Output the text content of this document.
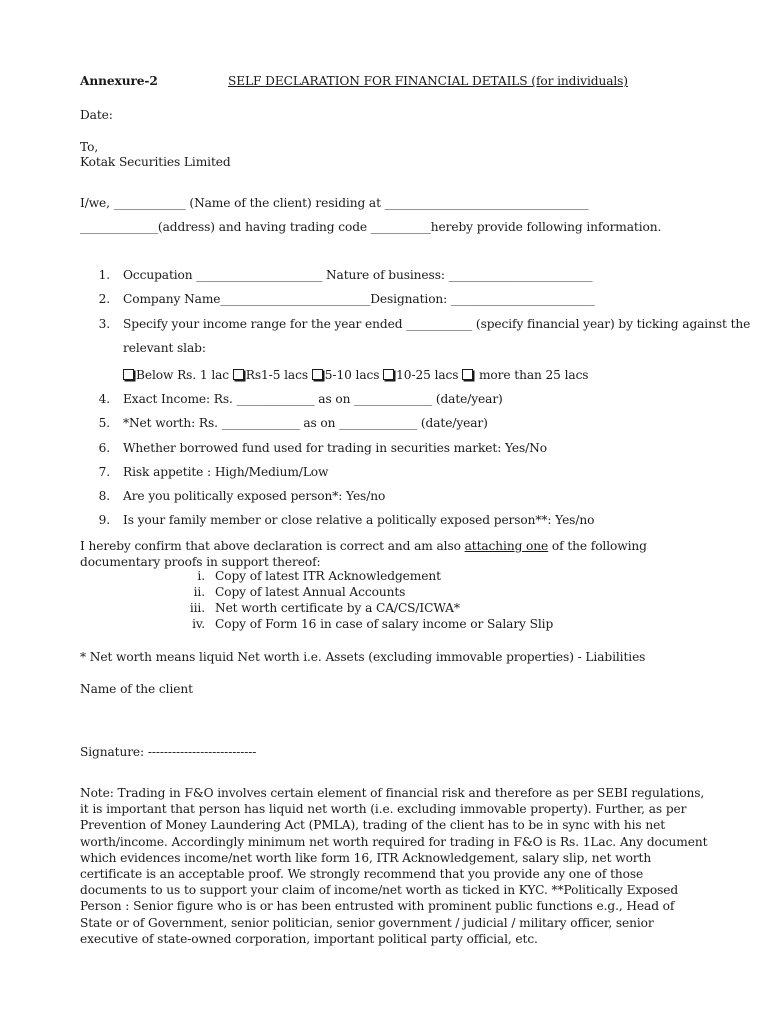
Annexure-2	SELF DECLARATION FOR FINANCIAL DETAILS (for individuals)
Date:
To,
Kotak Securities Limited
I/we, ____________ (Name of the client) residing at __________________________________
_____________(address) and having trading code __________hereby provide following information.
1. Occupation _____________________ Nature of business: ________________________
2. Company Name_________________________Designation: ________________________
3. Specify your income range for the year ended ___________ (specify financial year) by ticking against the
relevant slab:
Below Rs. 1 lac Rs1-5 lacs 5-10 lacs 10-25 lacs  more than 25 lacs
4. Exact Income: Rs. _____________ as on _____________ (date/year)
5. *Net worth: Rs. _____________ as on _____________ (date/year)
6. Whether borrowed fund used for trading in securities market: Yes/No
7. Risk appetite : High/Medium/Low
8. Are you politically exposed person*: Yes/no
9. Is your family member or close relative a politically exposed person**: Yes/no
I hereby confirm that above declaration is correct and am also attaching one of the following documentary proofs in support thereof:
i. Copy of latest ITR Acknowledgement
ii. Copy of latest Annual Accounts
iii. Net worth certificate by a CA/CS/ICWA*
iv. Copy of Form 16 in case of salary income or Salary Slip
* Net worth means liquid Net worth i.e. Assets (excluding immovable properties) - Liabilities
Name of the client
Signature: ---------------------------
Note: Trading in F&O involves certain element of financial risk and therefore as per SEBI regulations, it is important that person has liquid net worth (i.e. excluding immovable property). Further, as per Prevention of Money Laundering Act (PMLA), trading of the client has to be in sync with his net worth/income. Accordingly minimum net worth required for trading in F&O is Rs. 1Lac. Any document which evidences income/net worth like form 16, ITR Acknowledgement, salary slip, net worth certificate is an acceptable proof. We strongly recommend that you provide any one of those documents to us to support your claim of income/net worth as ticked in KYC. **Politically Exposed Person : Senior figure who is or has been entrusted with prominent public functions e.g., Head of State or of Government, senior politician, senior government / judicial / military officer, senior executive of state-owned corporation, important political party official, etc.
